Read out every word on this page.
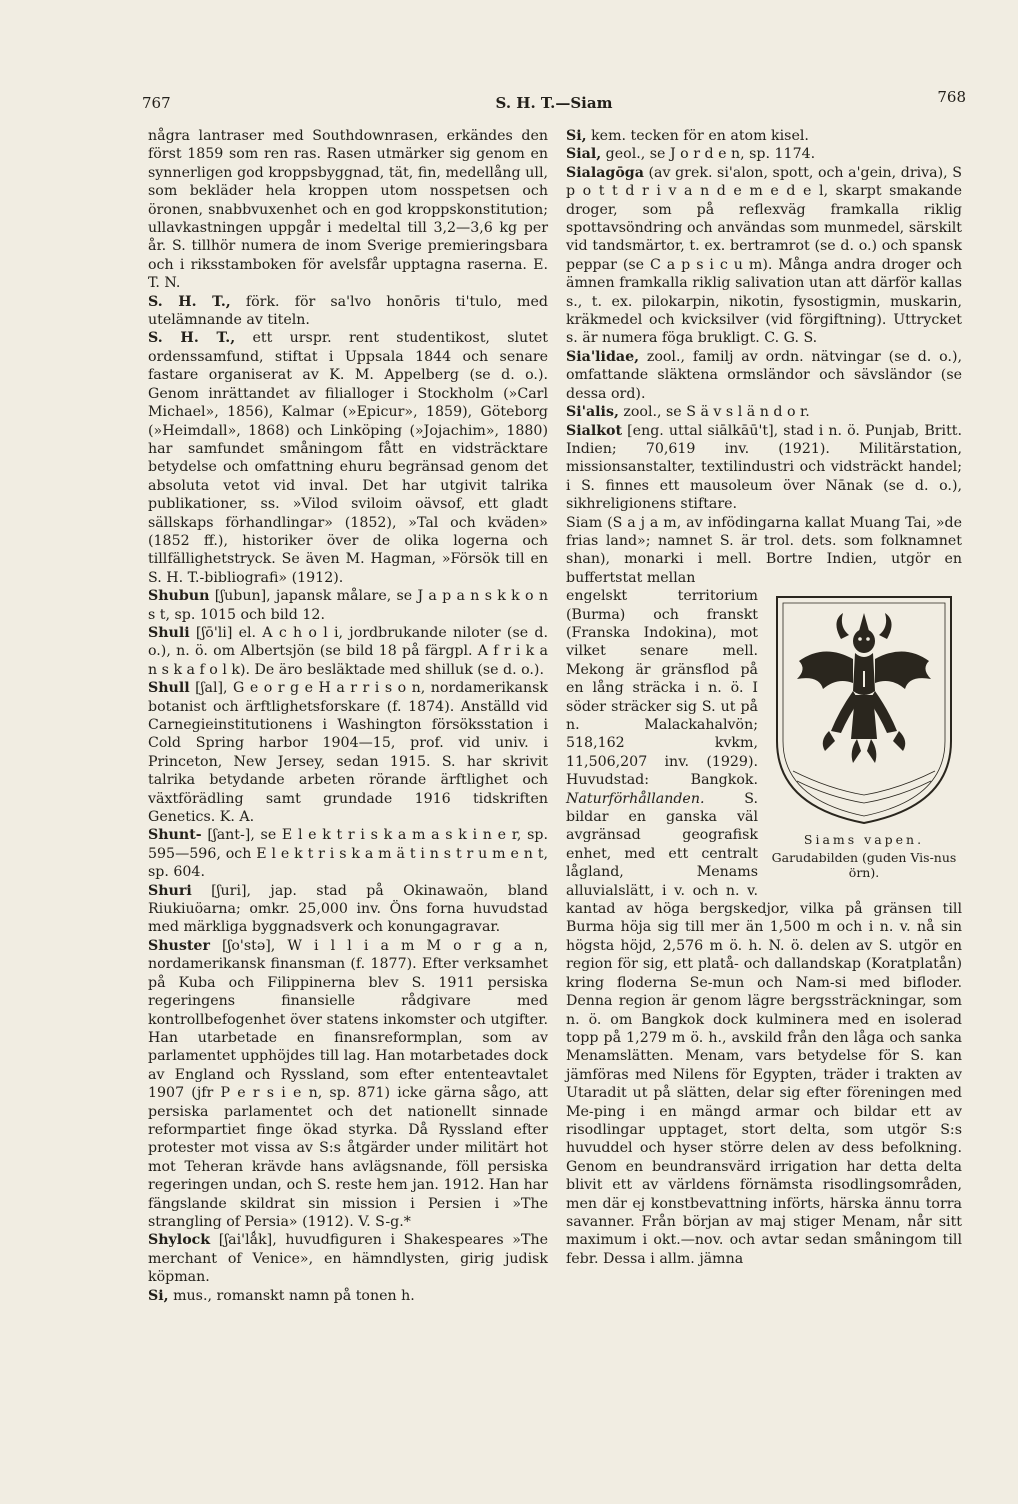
767	S. H. T.—Siam	768

några lantraser med Southdownrasen, erkändes den först 1859 som ren ras. Rasen utmärker sig genom en synnerligen god kroppsbyggnad, tät, fin, medellång ull, som bekläder hela kroppen utom nosspetsen och öronen, snabbvuxenhet och en god kroppskonstitution; ullavkastningen uppgår i medeltal till 3,2—3,6 kg per år. S. tillhör numera de inom Sverige premieringsbara och i riksstamboken för avelsfår upptagna raserna. E. T. N.

S. H. T., förk. för sa'lvo honōris ti'tulo, med utelämnande av titeln.

S. H. T., ett urspr. rent studentikost, slutet ordenssamfund, stiftat i Uppsala 1844 och senare fastare organiserat av K. M. Appelberg (se d. o.). Genom inrättandet av filialloger i Stockholm (»Carl Michael», 1856), Kalmar (»Epicur», 1859), Göteborg (»Heimdall», 1868) och Linköping (»Jojachim», 1880) har samfundet småningom fått en vidsträcktare betydelse och omfattning ehuru begränsad genom det absoluta vetot vid inval. Det har utgivit talrika publikationer, ss. »Vilod sviloim oävsof, ett gladt sällskaps förhandlingar» (1852), »Tal och kväden» (1852 ff.), historiker över de olika logerna och tillfällighetstryck. Se även M. Hagman, »Försök till en S. H. T.-bibliografi» (1912).

Shubun [ʃubun], japansk målare, se J a p a n s k k o n s t, sp. 1015 och bild 12.

Shuli [ʃō'li] el. A c h o l i, jordbrukande niloter (se d. o.), n. ö. om Albertsjön (se bild 18 på färgpl. A f r i k a n s k a f o l k). De äro besläktade med shilluk (se d. o.).

Shull [ʃal], G e o r g e H a r r i s o n, nordamerikansk botanist och ärftlighetsforskare (f. 1874). Anställd vid Carnegieinstitutionens i Washington försöksstation i Cold Spring harbor 1904—15, prof. vid univ. i Princeton, New Jersey, sedan 1915. S. har skrivit talrika betydande arbeten rörande ärftlighet och växtförädling samt grundade 1916 tidskriften Genetics. K. A.

Shunt- [ʃant-], se E l e k t r i s k a m a s k i n e r, sp. 595—596, och E l e k t r i s k a m ä t i n s t r u m e n t, sp. 604.

Shuri [ʃuri], jap. stad på Okinawaön, bland Riukiuöarna; omkr. 25,000 inv. Öns forna huvudstad med märkliga byggnadsverk och konungagravar.

Shuster [ʃo'stə], W i l l i a m M o r g a n, nordamerikansk finansman (f. 1877). Efter verksamhet på Kuba och Filippinerna blev S. 1911 persiska regeringens finansielle rådgivare med kontrollbefogenhet över statens inkomster och utgifter. Han utarbetade en finansreformplan, som av parlamentet upphöjdes till lag. Han motarbetades dock av England och Ryssland, som efter ententeavtalet 1907 (jfr P e r s i e n, sp. 871) icke gärna sågo, att persiska parlamentet och det nationellt sinnade reformpartiet finge ökad styrka. Då Ryssland efter protester mot vissa av S:s åtgärder under militärt hot mot Teheran krävde hans avlägsnande, föll persiska regeringen undan, och S. reste hem jan. 1912. Han har fängslande skildrat sin mission i Persien i »The strangling of Persia» (1912). V. S-g.*

Shylock [ʃai'lǻk], huvudfiguren i Shakespeares »The merchant of Venice», en hämndlysten, girig judisk köpman.

Si, mus., romanskt namn på tonen h.

Si, kem. tecken för en atom kisel.

Sial, geol., se J o r d e n, sp. 1174.

Sialagōga (av grek. si'alon, spott, och a'gein, driva), S p o t t d r i v a n d e m e d e l, skarpt smakande droger, som på reflexväg framkalla riklig spottavsöndring och användas som munmedel, särskilt vid tandsmärtor, t. ex. bertramrot (se d. o.) och spansk peppar (se C a p s i c u m). Många andra droger och ämnen framkalla riklig salivation utan att därför kallas s., t. ex. pilokarpin, nikotin, fysostigmin, muskarin, kräkmedel och kvicksilver (vid förgiftning). Uttrycket s. är numera föga brukligt. C. G. S.

Sia'lidae, zool., familj av ordn. nätvingar (se d. o.), omfattande släktena ormsländor och sävsländor (se dessa ord).

Si'alis, zool., se S ä v s l ä n d o r.

Sialkot [eng. uttal siālkāū't], stad i n. ö. Punjab, Britt. Indien; 70,619 inv. (1921). Militärstation, missionsanstalter, textilindustri och vidsträckt handel; i S. finnes ett mausoleum över Nānak (se d. o.), sikhreligionens stiftare.

Siam (S a j a m, av infödingarna kallat Muang Tai, »de frias land»; namnet S. är trol. dets. som folknamnet shan), monarki i mell. Bortre Indien, utgör en buffertstat mellan

Siams vapen.
Garudabilden (guden Vis-nus örn).

engelskt territorium (Burma) och franskt (Franska Indokina), mot vilket senare mell. Mekong är gränsflod på en lång sträcka i n. ö. I söder sträcker sig S. ut på n. Malackahalvön; 518,162 kvkm, 11,506,207 inv. (1929). Huvudstad: Bangkok. Naturförhållanden.	S. bildar en ganska väl avgränsad geografisk enhet, med ett centralt lågland, Menams alluvialslätt, i v. och n. v. kantad av höga bergskedjor, vilka på gränsen till Burma höja sig till mer än 1,500 m och i n. v. nå sin högsta höjd, 2,576 m ö. h. N. ö. delen av S. utgör en region för sig, ett platå- och dallandskap (Koratplatån) kring floderna Se-mun och Nam-si med bifloder. Denna region är genom lägre bergssträckningar, som n. ö. om Bangkok dock kulminera med en isolerad topp på 1,279 m ö. h., avskild från den låga och sanka Menamslätten. Menam, vars betydelse för S. kan jämföras med Nilens för Egypten, träder i trakten av Utaradit ut på slätten, delar sig efter föreningen med Me-ping i en mängd armar och bildar ett av risodlingar upptaget, stort delta, som utgör S:s huvuddel och hyser större delen av dess befolkning. Genom en beundransvärd irrigation har detta delta blivit ett av världens förnämsta risodlingsområden, men där ej konstbevattning införts, härska ännu torra savanner. Från början av maj stiger Menam, når sitt maximum i okt.—nov. och avtar sedan småningom till febr. Dessa i allm. jämna
